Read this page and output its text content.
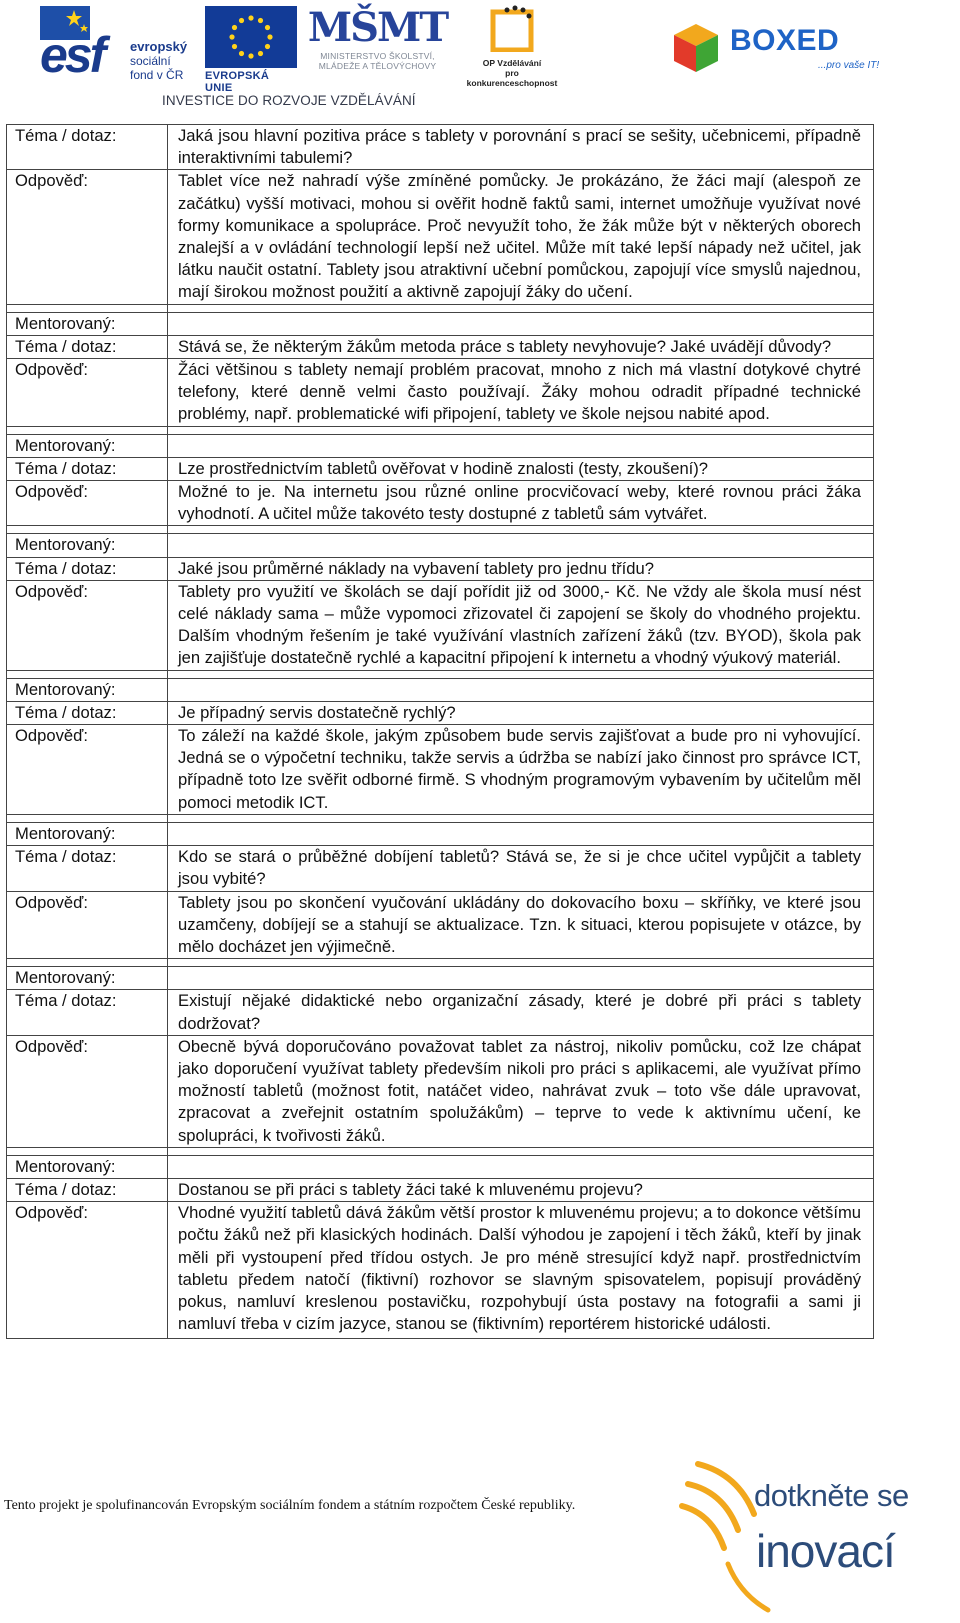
esf evropský
sociální
fond v ČR	EVROPSKÁ UNIE
MŠMT
MINISTERSTVO ŠKOLSTVÍ,
MLÁDEŽE A TĚLOVÝCHOVY	OP Vzdělávání
pro konkurenceschopnost
BOXED
...pro vaše IT!
INVESTICE DO ROZVOJE VZDĚLÁVÁNÍ
Téma / dotaz:	Jaká jsou hlavní pozitiva práce s tablety v porovnání s prací se sešity, učebnicemi, případně interaktivními tabulemi?
Odpověď:	Tablet více než nahradí výše zmíněné pomůcky. Je prokázáno, že žáci mají (alespoň ze začátku) vyšší motivaci, mohou si ověřit hodně faktů sami, internet umožňuje využívat nové formy komunikace a spolupráce. Proč nevyužít toho, že žák může být v některých oborech znalejší a v ovládání technologií lepší než učitel. Může mít také lepší nápady než učitel, jak látku naučit ostatní. Tablety jsou atraktivní učební pomůckou, zapojují více smyslů najednou, mají širokou možnost použití a aktivně zapojují žáky do učení.

Mentorovaný:	
Téma / dotaz:	Stává se, že některým žákům metoda práce s tablety nevyhovuje? Jaké uvádějí důvody?
Odpověď:	Žáci většinou s tablety nemají problém pracovat, mnoho z nich má vlastní dotykové chytré telefony, které denně velmi často používají. Žáky mohou odradit případné technické problémy, např. problematické wifi připojení, tablety ve škole nejsou nabité apod.

Mentorovaný:	
Téma / dotaz:	Lze prostřednictvím tabletů ověřovat v hodině znalosti (testy, zkoušení)?
Odpověď:	Možné to je. Na internetu jsou různé online procvičovací weby, které rovnou práci žáka vyhodnotí. A učitel může takovéto testy dostupné z tabletů sám vytvářet.

Mentorovaný:	
Téma / dotaz:	Jaké jsou průměrné náklady na vybavení tablety pro jednu třídu?
Odpověď:	Tablety pro využití ve školách se dají pořídit již od 3000,- Kč. Ne vždy ale škola musí nést celé náklady sama – může vypomoci zřizovatel či zapojení se školy do vhodného projektu. Dalším vhodným řešením je také využívání vlastních zařízení žáků (tzv. BYOD), škola pak jen zajišťuje dostatečně rychlé a kapacitní připojení k internetu a vhodný výukový materiál.

Mentorovaný:	
Téma / dotaz:	Je případný servis dostatečně rychlý?
Odpověď:	To záleží na každé škole, jakým způsobem bude servis zajišťovat a bude pro ni vyhovující. Jedná se o výpočetní techniku, takže servis a údržba se nabízí jako činnost pro správce ICT, případně toto lze svěřit odborné firmě. S vhodným programovým vybavením by učitelům měl pomoci metodik ICT.

Mentorovaný:	
Téma / dotaz:	Kdo se stará o průběžné dobíjení tabletů? Stává se, že si je chce učitel vypůjčit a tablety jsou vybité?
Odpověď:	Tablety jsou po skončení vyučování ukládány do dokovacího boxu – skříňky, ve které jsou uzamčeny, dobíjejí se a stahují se aktualizace. Tzn. k situaci, kterou popisujete v otázce, by mělo docházet jen výjimečně.

Mentorovaný:	
Téma / dotaz:	Existují nějaké didaktické nebo organizační zásady, které je dobré při práci s tablety dodržovat?
Odpověď:	Obecně bývá doporučováno považovat tablet za nástroj, nikoliv pomůcku, což lze chápat jako doporučení využívat tablety především nikoli pro práci s aplikacemi, ale využívat přímo možností tabletů (možnost fotit, natáčet video, nahrávat zvuk – toto vše dále upravovat, zpracovat a zveřejnit ostatním spolužákům) – teprve to vede k aktivnímu učení, ke spolupráci, k tvořivosti žáků.

Mentorovaný:	
Téma / dotaz:	Dostanou se při práci s tablety žáci také k mluvenému projevu?
Odpověď:	Vhodné využití tabletů dává žákům větší prostor k mluvenému projevu; a to dokonce většímu počtu žáků než při klasických hodinách. Další výhodou je zapojení i těch žáků, kteří by jinak měli při vystoupení před třídou ostych. Je pro méně stresující když např. prostřednictvím tabletu předem natočí (fiktivní) rozhovor se slavným spisovatelem, popisují prováděný pokus, namluví kreslenou postavičku, rozpohybují ústa postavy na fotografii a sami ji namluví třeba v cizím jazyce, stanou se (fiktivním) reportérem historické události.
Tento projekt je spolufinancován Evropským sociálním fondem a státním rozpočtem České republiky.	dotkněte se
inovací
